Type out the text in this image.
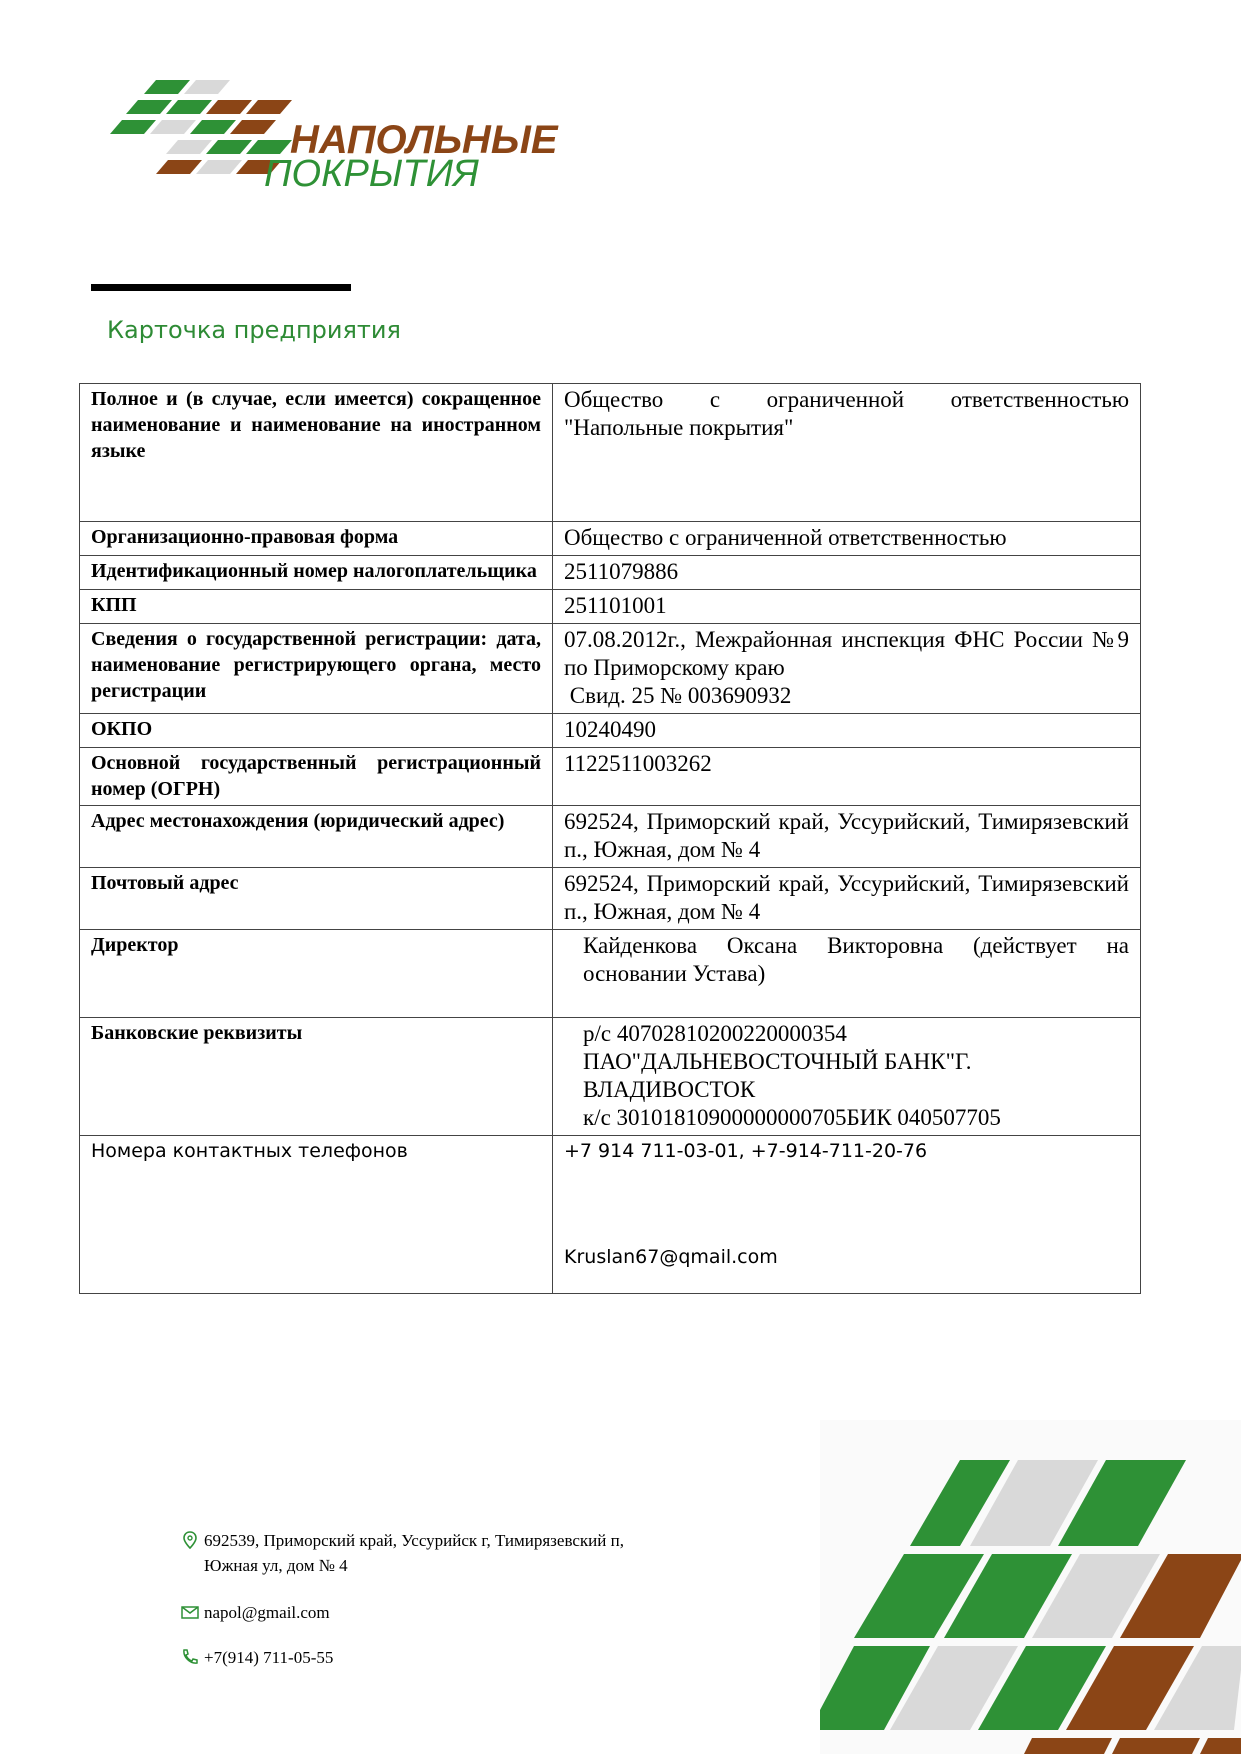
НАПОЛЬНЫЕ
ПОКРЫТИЯ
Карточка предприятия
Полное и (в случае, если имеется) сокращенное наименование и наименование на иностранном языке	Общество с ограниченной ответственностью "Напольные покрытия"
Организационно-правовая форма	Общество с ограниченной ответственностью
Идентификационный номер налогоплательщика	2511079886
КПП	251101001
Сведения о государственной регистрации: дата, наименование регистрирующего органа, место регистрации	07.08.2012г., Межрайонная инспекция ФНС России №9 по Приморскому краю
Свид. 25 № 003690932

ОКПО	10240490
Основной государственный регистрационный номер (ОГРН)	1122511003262
Адрес местонахождения (юридический адрес)	692524, Приморский край, Уссурийский, Тимирязевский п., Южная, дом № 4
Почтовый адрес	692524, Приморский край, Уссурийский, Тимирязевский п., Южная, дом № 4
Директор	Кайденкова Оксана Викторовна (действует на основании Устава)
Банковские реквизиты	р/с 40702810200220000354
ПАО"ДАЛЬНЕВОСТОЧНЫЙ БАНК"Г. ВЛАДИВОСТОК
к/с 30101810900000000705БИК 040507705

Номера контактных телефонов	+7 914 711-03-01, +7-914-711-20-76
Kruslan67@qmail.com
692539, Приморский край, Уссурийск г, Тимирязевский п,
Южная ул, дом № 4
napol@gmail.com
+7(914) 711-05-55
